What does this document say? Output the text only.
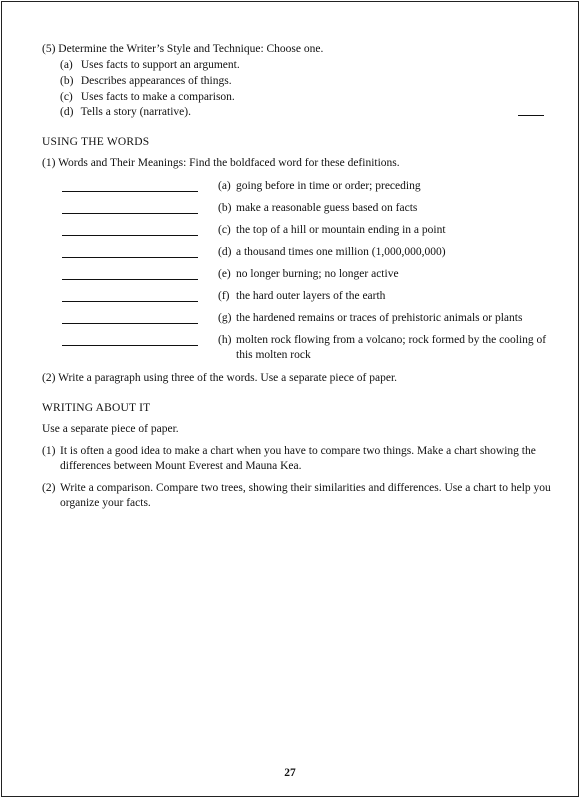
(5) Determine the Writer’s Style and Technique: Choose one.
(a) Uses facts to support an argument.
(b) Describes appearances of things.
(c) Uses facts to make a comparison.
(d) Tells a story (narrative).
USING THE WORDS
(1) Words and Their Meanings: Find the boldfaced word for these definitions.
(a) going before in time or order; preceding
(b) make a reasonable guess based on facts
(c) the top of a hill or mountain ending in a point
(d) a thousand times one million (1,000,000,000)
(e) no longer burning; no longer active
(f) the hard outer layers of the earth
(g) the hardened remains or traces of prehistoric animals or plants
(h) molten rock flowing from a volcano; rock formed by the cooling of this molten rock
(2) Write a paragraph using three of the words. Use a separate piece of paper.
WRITING ABOUT IT
Use a separate piece of paper.
(1) It is often a good idea to make a chart when you have to compare two things. Make a chart showing the differences between Mount Everest and Mauna Kea.
(2) Write a comparison. Compare two trees, showing their similarities and differences. Use a chart to help you organize your facts.
27
